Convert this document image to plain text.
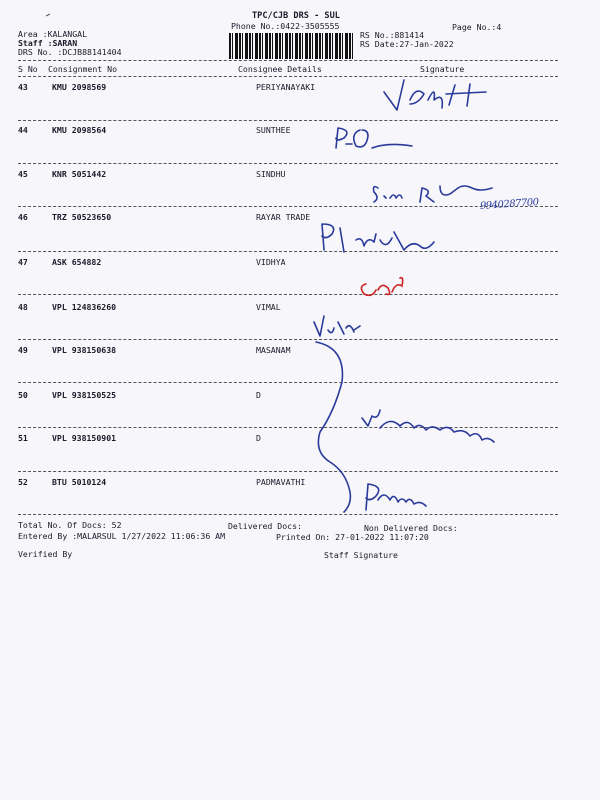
TPC/CJB DRS - SUL
Phone No.:0422-3505555	Page No.:4
Area :KALANGAL
Staff :SARAN
DRS No. :DCJB88141404
RS No.:881414
RS Date:27-Jan-2022
S No Consignment No	Consignee Details	Signature
43	KMU 2098569	PERIYANAYAKI
44	KMU 2098564	SUNTHEE
45	KNR 5051442	SINDHU
46	TRZ 50523650	RAYAR TRADE
47	ASK 654882	VIDHYA
48	VPL 124836260	VIMAL
49	VPL 938150638	MASANAM
50	VPL 938150525	D
51	VPL 938150901	D
52	BTU 5010124	PADMAVATHI
9940287700
Total No. Of Docs: 52	Delivered Docs:	Non Delivered Docs:
Entered By :MALARSUL 1/27/2022 11:06:36 AM	Printed On: 27-01-2022 11:07:20
Verified By	Staff Signature
